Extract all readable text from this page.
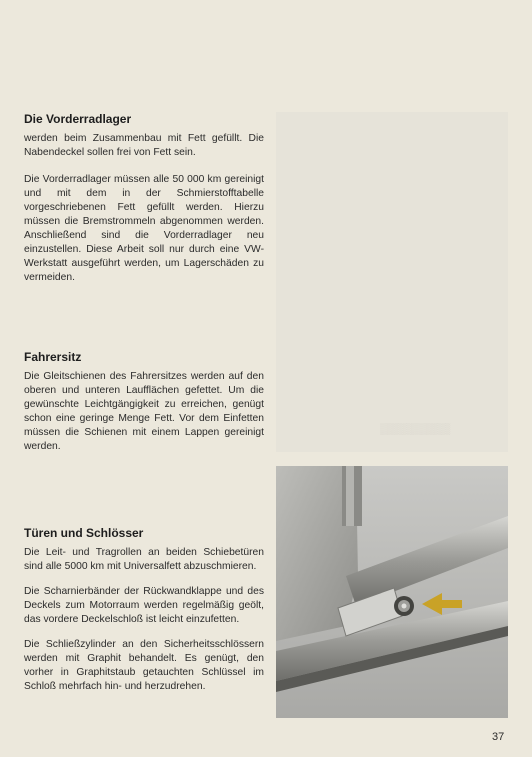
▒▒▒▒▒▒▒▒▒
Die Vorderradlager

werden beim Zusammenbau mit Fett gefüllt. Die Nabendeckel sollen frei von Fett sein.

Die Vorderradlager müssen alle 50 000 km gereinigt und mit dem in der Schmierstofftabelle vorgeschriebenen Fett gefüllt werden. Hierzu müssen die Bremstrommeln abgenommen werden. Anschließend sind die Vorderradlager neu einzustellen. Diese Arbeit soll nur durch eine VW-Werkstatt ausgeführt werden, um Lagerschäden zu vermeiden.

Fahrersitz

Die Gleitschienen des Fahrersitzes werden auf den oberen und unteren Laufflächen gefettet. Um die gewünschte Leichtgängigkeit zu erreichen, genügt schon eine geringe Menge Fett. Vor dem Einfetten müssen die Schienen mit einem Lappen gereinigt werden.

Türen und Schlösser

Die Leit- und Tragrollen an beiden Schiebetüren sind alle 5000 km mit Universalfett abzuschmieren.

Die Scharnierbänder der Rückwandklappe und des Deckels zum Motorraum werden regelmäßig geölt, das vordere Deckelschloß ist leicht einzufetten.

Die Schließzylinder an den Sicherheitsschlössern werden mit Graphit behandelt. Es genügt, den vorher in Graphitstaub getauchten Schlüssel im Schloß mehrfach hin- und herzudrehen.

37
